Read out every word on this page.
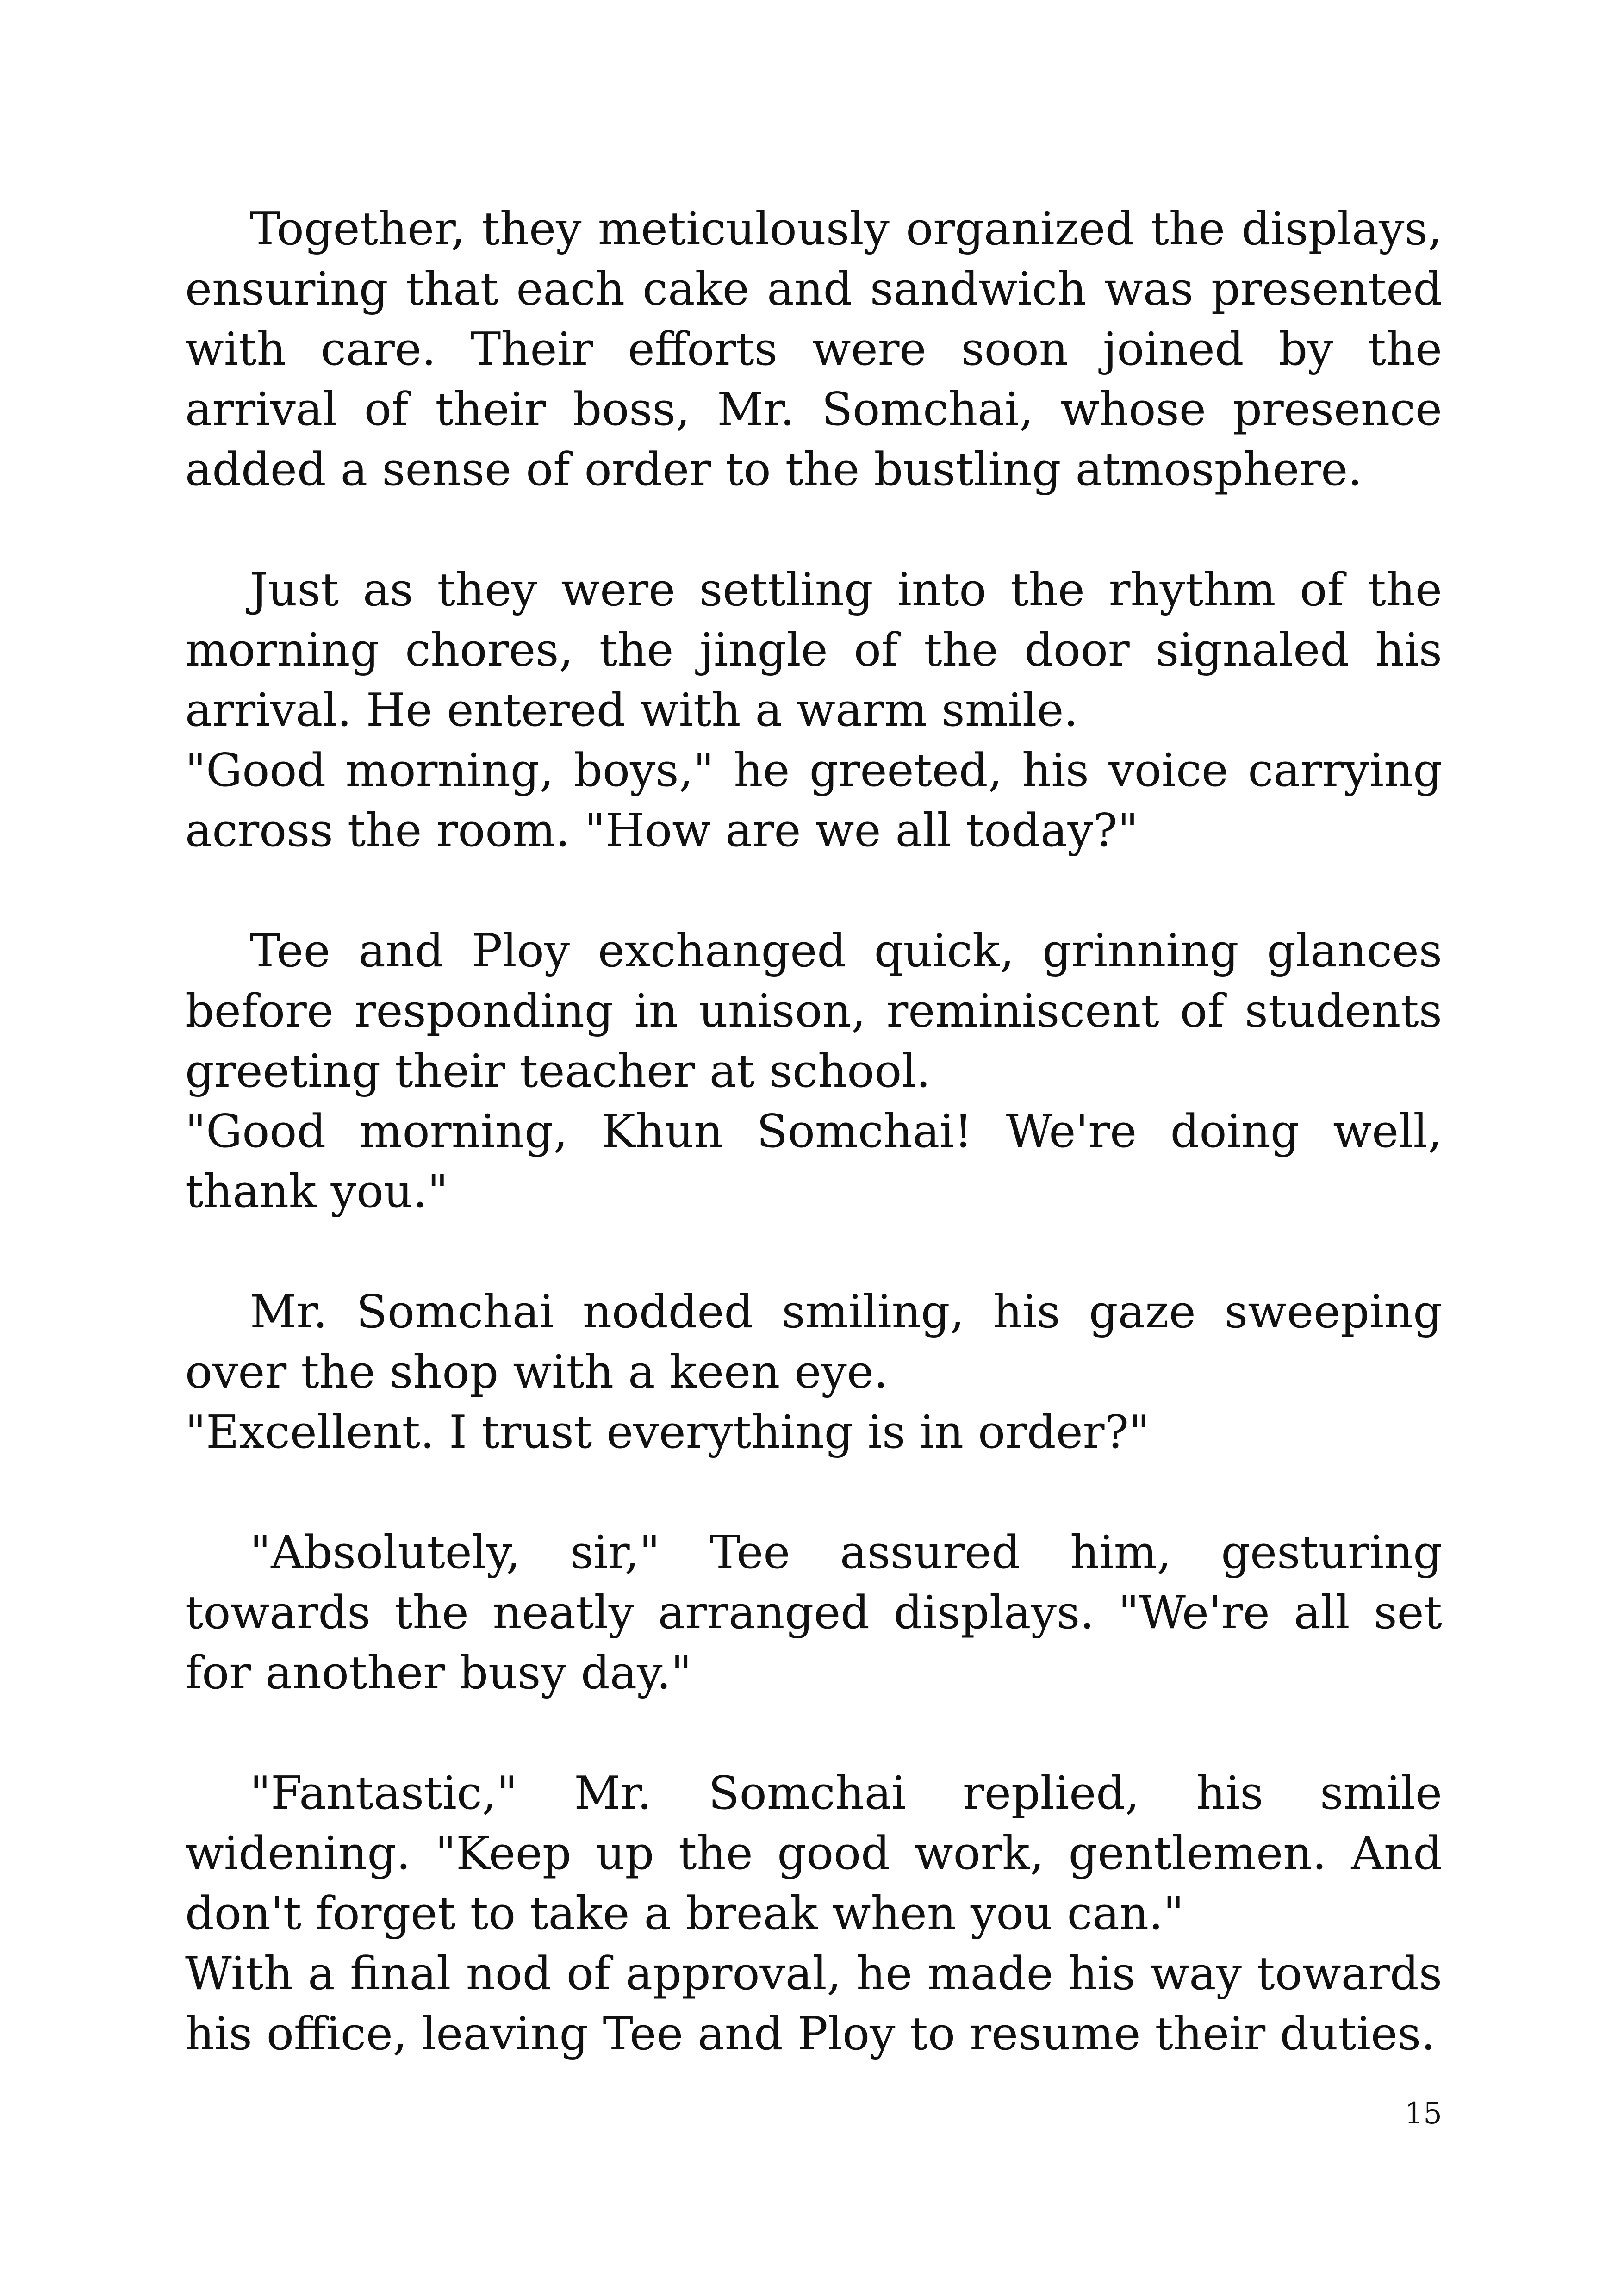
Together, they meticulously organized the displays, ensuring that each cake and sandwich was presented with care. Their efforts were soon joined by the arrival of their boss, Mr. Somchai, whose presence added a sense of order to the bustling atmosphere.

Just as they were settling into the rhythm of the morning chores, the jingle of the door signaled his arrival. He entered with a warm smile.

"Good morning, boys," he greeted, his voice carrying across the room. "How are we all today?"

Tee and Ploy exchanged quick, grinning glances before responding in unison, reminiscent of students greeting their teacher at school.

"Good morning, Khun Somchai! We're doing well, thank you."

Mr. Somchai nodded smiling, his gaze sweeping over the shop with a keen eye.

"Excellent. I trust everything is in order?"

"Absolutely, sir," Tee assured him, gesturing towards the neatly arranged displays. "We're all set for another busy day."

"Fantastic," Mr. Somchai replied, his smile widening. "Keep up the good work, gentlemen. And don't forget to take a break when you can."

With a final nod of approval, he made his way towards his office, leaving Tee and Ploy to resume their duties.

15
